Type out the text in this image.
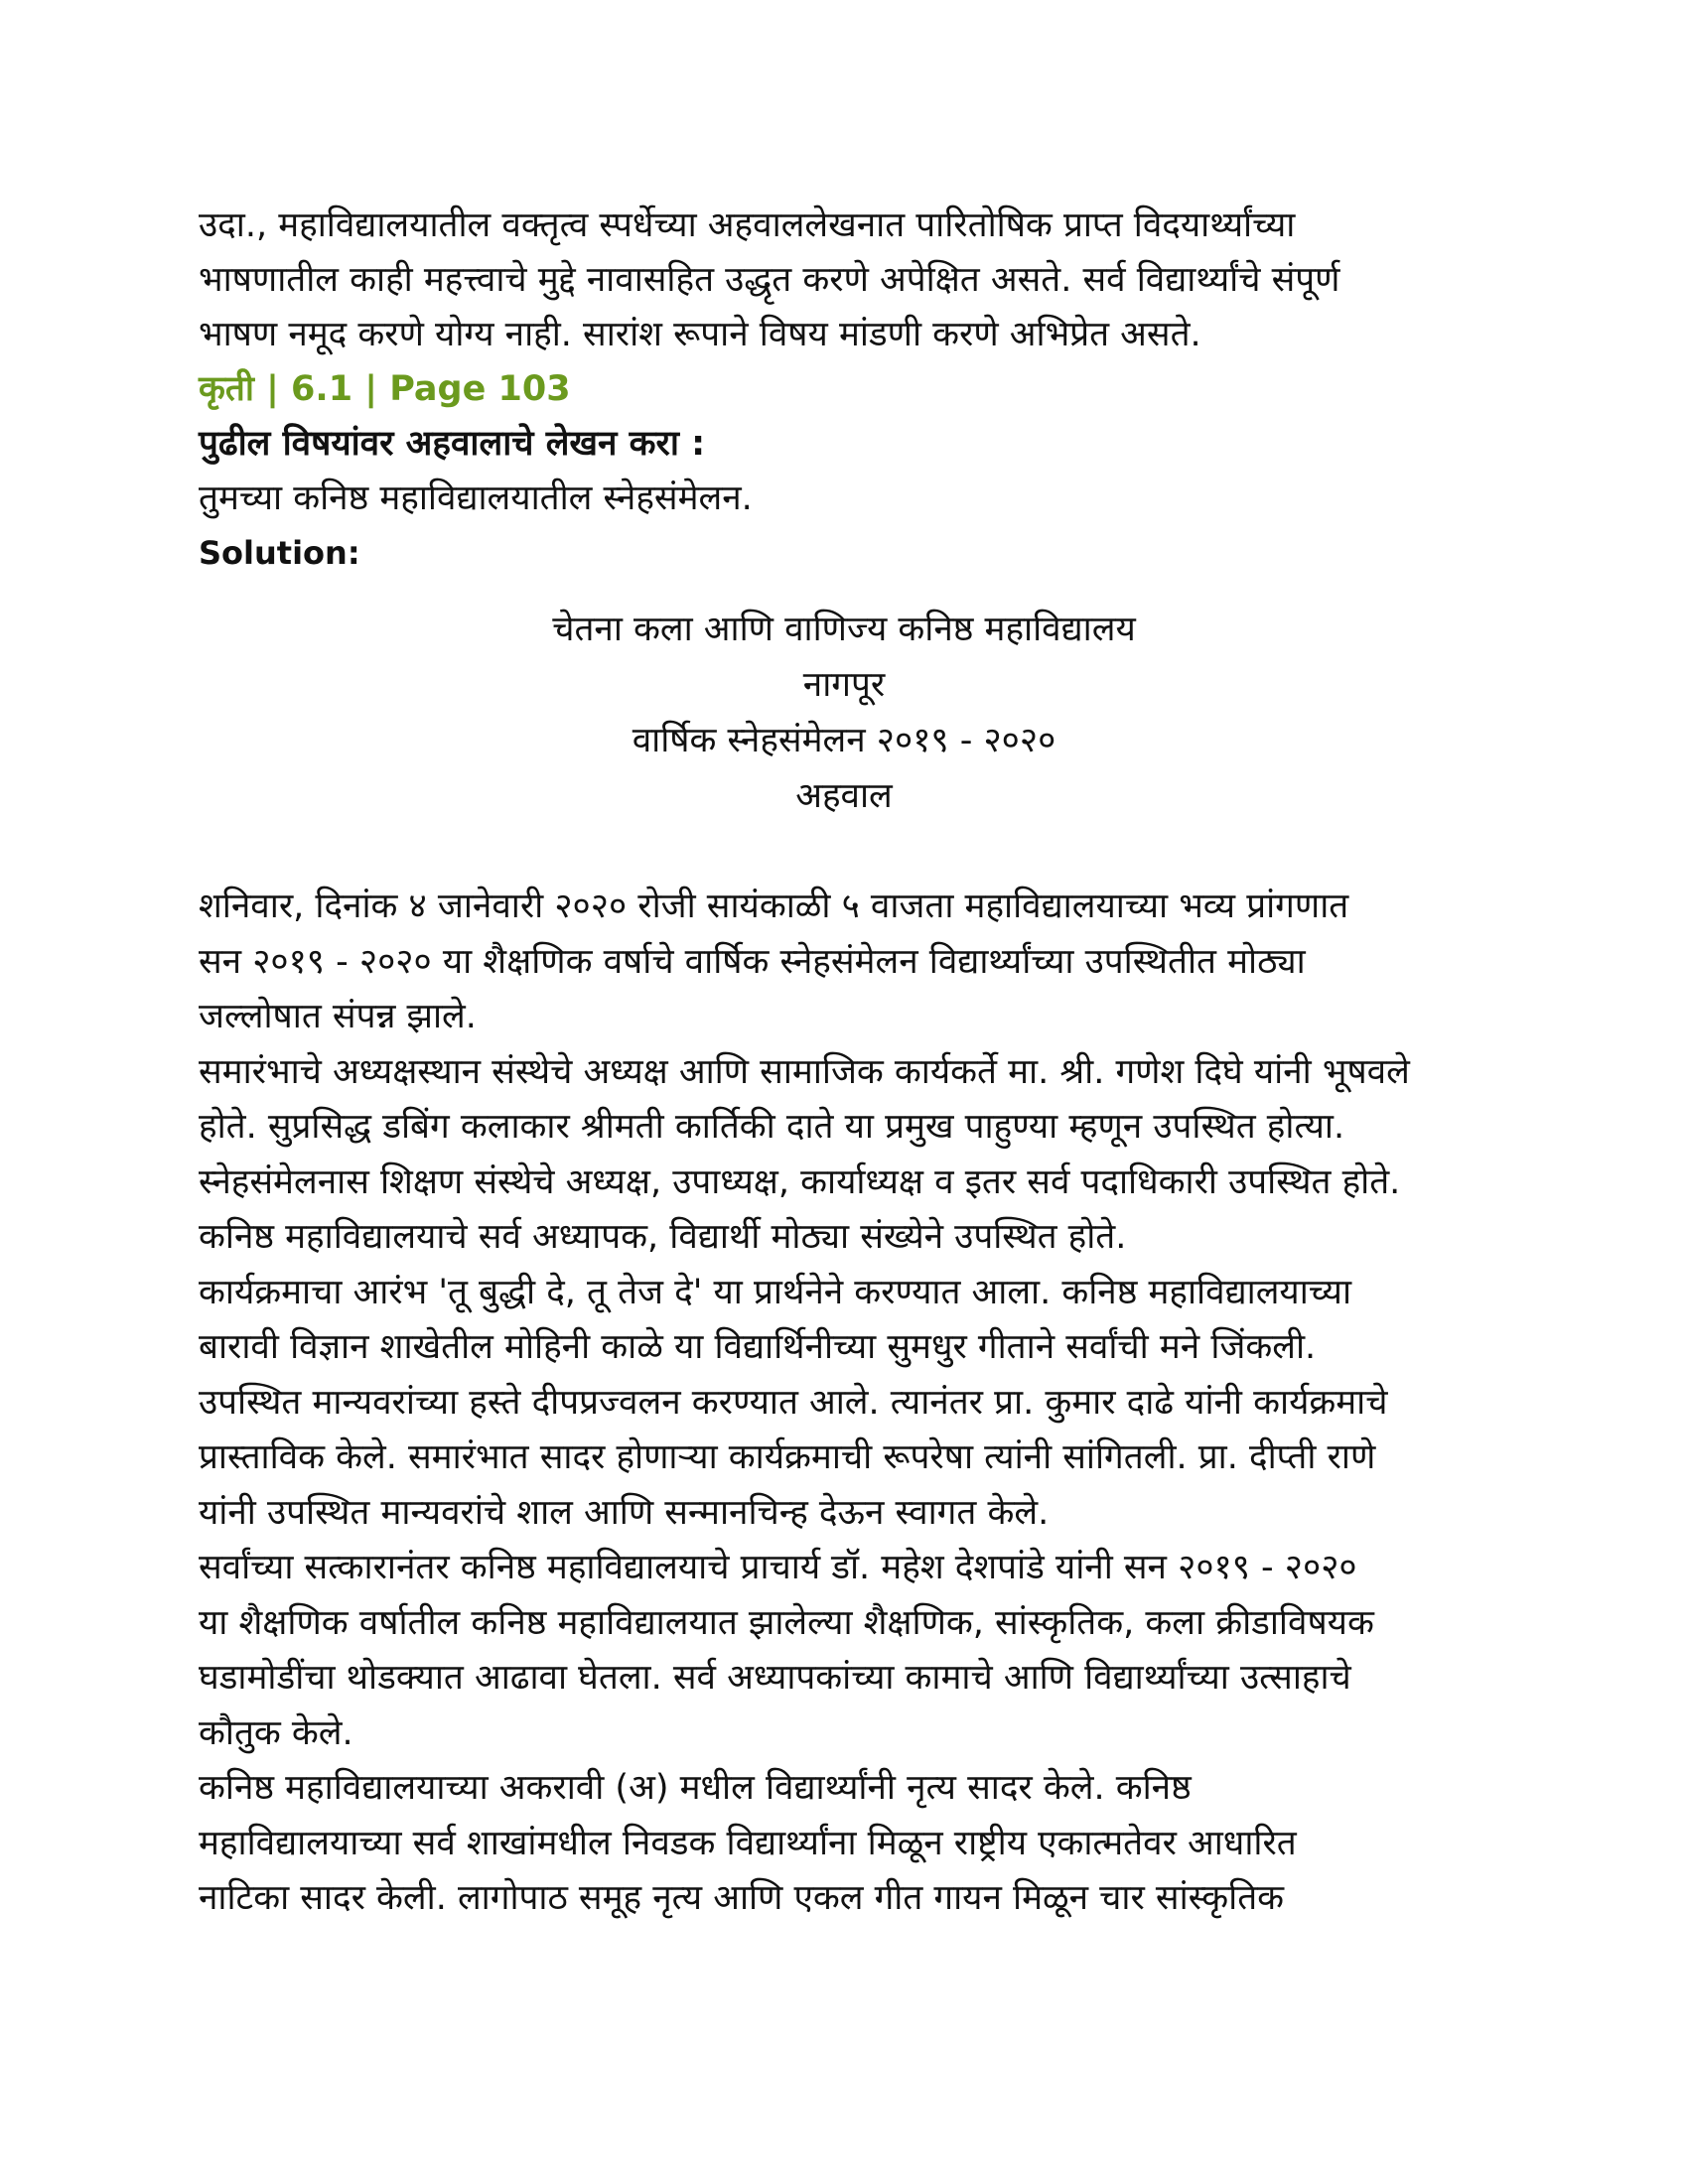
उदा., महाविद्यालयातील वक्तृत्व स्पर्धेच्या अहवाललेखनात पारितोषिक प्राप्त विदयार्थ्यांच्या
भाषणातील काही महत्त्वाचे मुद्दे नावासहित उद्धृत करणे अपेक्षित असते. सर्व विद्यार्थ्यांचे संपूर्ण
भाषण नमूद करणे योग्य नाही. सारांश रूपाने विषय मांडणी करणे अभिप्रेत असते.
कृती | 6.1 | Page 103
पुढील विषयांवर अहवालाचे लेखन करा :
तुमच्या कनिष्ठ महाविद्यालयातील स्नेहसंमेलन.
Solution:
चेतना कला आणि वाणिज्य कनिष्ठ महाविद्यालय
नागपूर
वार्षिक स्नेहसंमेलन २०१९ - २०२०
अहवाल
शनिवार, दिनांक ४ जानेवारी २०२० रोजी सायंकाळी ५ वाजता महाविद्यालयाच्या भव्य प्रांगणात
सन २०१९ - २०२० या शैक्षणिक वर्षाचे वार्षिक स्नेहसंमेलन विद्यार्थ्यांच्या उपस्थितीत मोठ्या
जल्लोषात संपन्न झाले.
समारंभाचे अध्यक्षस्थान संस्थेचे अध्यक्ष आणि सामाजिक कार्यकर्ते मा. श्री. गणेश दिघे यांनी भूषवले
होते. सुप्रसिद्ध डबिंग कलाकार श्रीमती कार्तिकी दाते या प्रमुख पाहुण्या म्हणून उपस्थित होत्या.
स्नेहसंमेलनास शिक्षण संस्थेचे अध्यक्ष, उपाध्यक्ष, कार्याध्यक्ष व इतर सर्व पदाधिकारी उपस्थित होते.
कनिष्ठ महाविद्यालयाचे सर्व अध्यापक, विद्यार्थी मोठ्या संख्येने उपस्थित होते.
कार्यक्रमाचा आरंभ 'तू बुद्धी दे, तू तेज दे' या प्रार्थनेने करण्यात आला. कनिष्ठ महाविद्यालयाच्या
बारावी विज्ञान शाखेतील मोहिनी काळे या विद्यार्थिनीच्या सुमधुर गीताने सर्वांची मने जिंकली.
उपस्थित मान्यवरांच्या हस्ते दीपप्रज्वलन करण्यात आले. त्यानंतर प्रा. कुमार दाढे यांनी कार्यक्रमाचे
प्रास्ताविक केले. समारंभात सादर होणाऱ्या कार्यक्रमाची रूपरेषा त्यांनी सांगितली. प्रा. दीप्ती राणे
यांनी उपस्थित मान्यवरांचे शाल आणि सन्मानचिन्ह देऊन स्वागत केले.
सर्वांच्या सत्कारानंतर कनिष्ठ महाविद्यालयाचे प्राचार्य डॉ. महेश देशपांडे यांनी सन २०१९ - २०२०
या शैक्षणिक वर्षातील कनिष्ठ महाविद्यालयात झालेल्या शैक्षणिक, सांस्कृतिक, कला क्रीडाविषयक
घडामोडींचा थोडक्यात आढावा घेतला. सर्व अध्यापकांच्या कामाचे आणि विद्यार्थ्यांच्या उत्साहाचे
कौतुक केले.
कनिष्ठ महाविद्यालयाच्या अकरावी (अ) मधील विद्यार्थ्यांनी नृत्य सादर केले. कनिष्ठ
महाविद्यालयाच्या सर्व शाखांमधील निवडक विद्यार्थ्यांना मिळून राष्ट्रीय एकात्मतेवर आधारित
नाटिका सादर केली. लागोपाठ समूह नृत्य आणि एकल गीत गायन मिळून चार सांस्कृतिक
